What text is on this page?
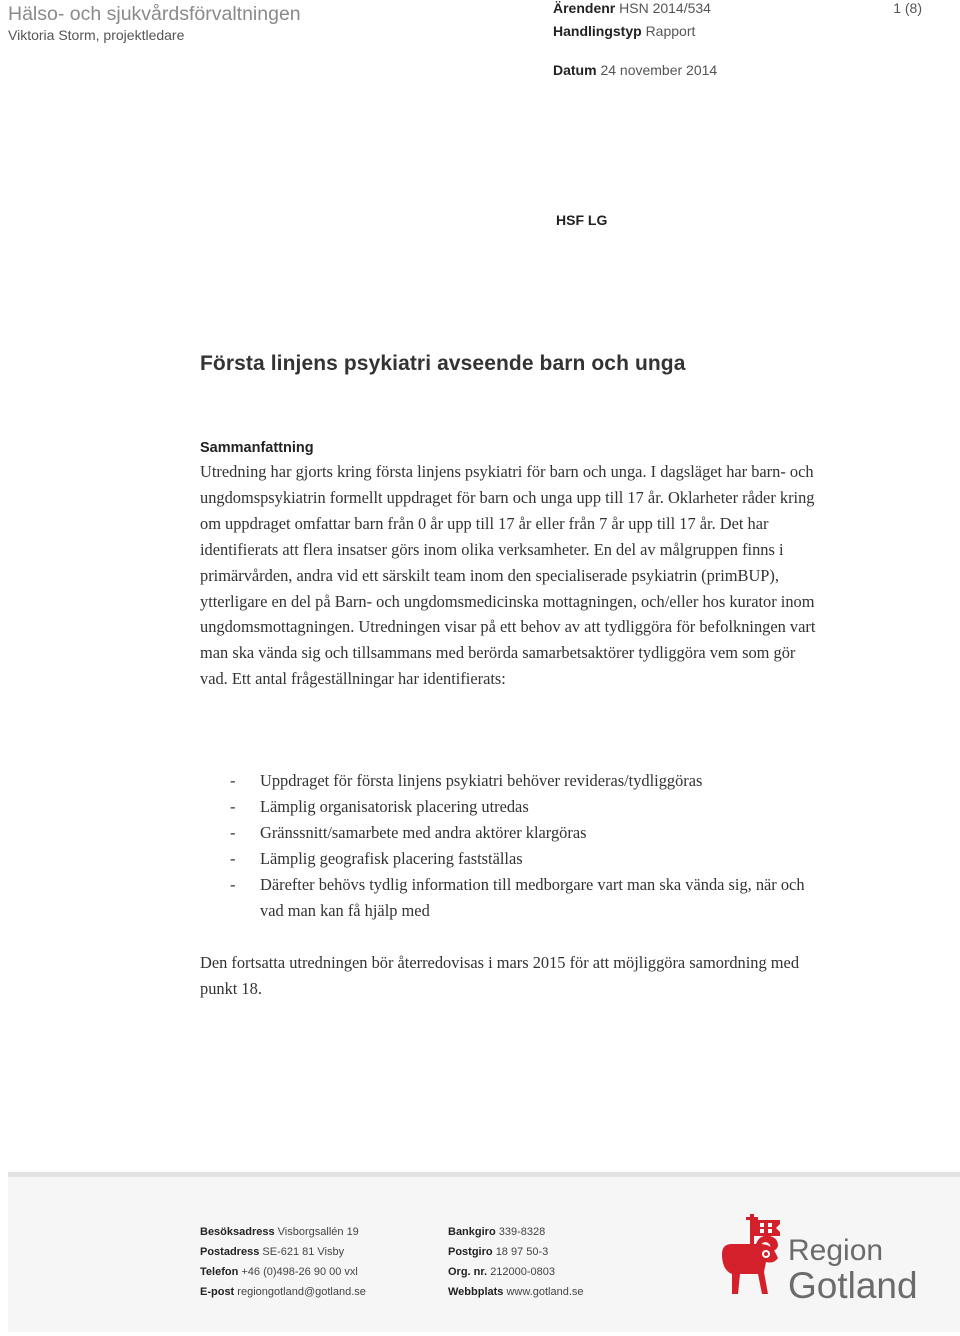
Hälso- och sjukvårdsförvaltningen
Viktoria Storm, projektledare
Ärendenr HSN 2014/534
Handlingstyp Rapport
Datum 24 november 2014
1 (8)
HSF LG
Första linjens psykiatri avseende barn och unga
Sammanfattning

Utredning har gjorts kring första linjens psykiatri för barn och unga. I dagsläget har barn- och ungdomspsykiatrin formellt uppdraget för barn och unga upp till 17 år. Oklarheter råder kring om uppdraget omfattar barn från 0 år upp till 17 år eller från 7 år upp till 17 år. Det har identifierats att flera insatser görs inom olika verksamheter. En del av målgruppen finns i primärvården, andra vid ett särskilt team inom den specialiserade psykiatrin (primBUP), ytterligare en del på Barn- och ungdomsmedicinska mottagningen, och/eller hos kurator inom ungdomsmottagningen. Utredningen visar på ett behov av att tydliggöra för befolkningen vart man ska vända sig och tillsammans med berörda samarbetsaktörer tydliggöra vem som gör vad. Ett antal frågeställningar har identifierats:

- Uppdraget för första linjens psykiatri behöver revideras/tydliggöras
- Lämplig organisatorisk placering utredas
- Gränssnitt/samarbete med andra aktörer klargöras
- Lämplig geografisk placering fastställas
- Därefter behövs tydlig information till medborgare vart man ska vända sig, när och vad man kan få hjälp med

Den fortsatta utredningen bör återredovisas i mars 2015 för att möjliggöra samordning med punkt 18.

Besöksadress Visborgsallén 19
Postadress SE-621 81 Visby
Telefon +46 (0)498-26 90 00 vxl
E-post regiongotland@gotland.se
Bankgiro 339-8328
Postgiro 18 97 50-3
Org. nr. 212000-0803
Webbplats www.gotland.se
Region
Gotland
